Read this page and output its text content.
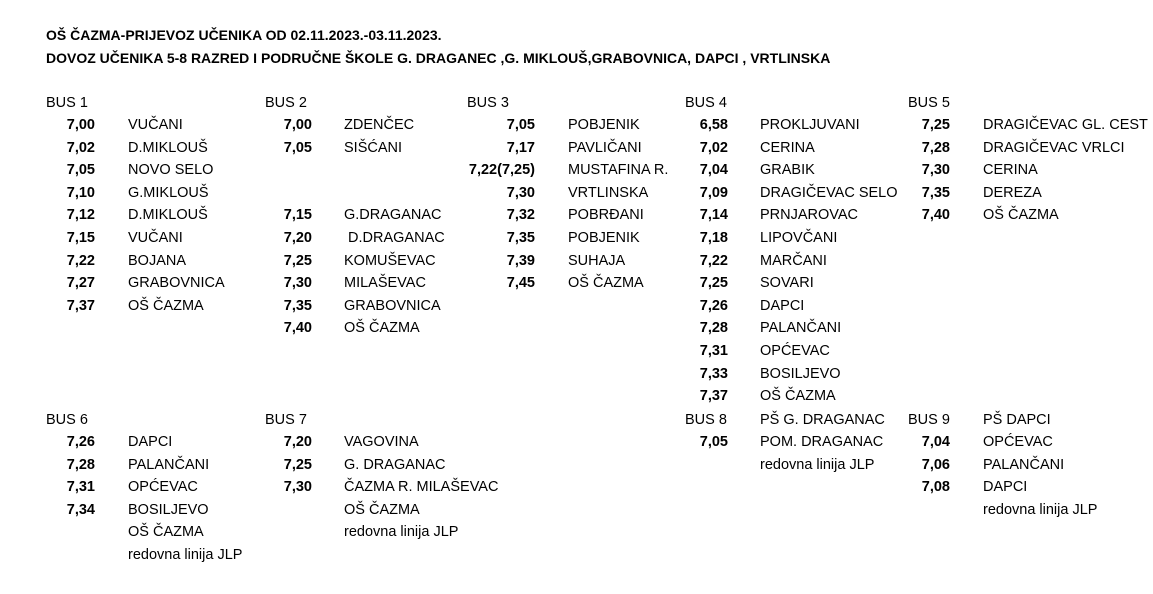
OŠ ČAZMA-PRIJEVOZ UČENIKA OD 02.11.2023.-03.11.2023.
DOVOZ UČENIKA 5-8 RAZRED I PODRUČNE ŠKOLE G. DRAGANEC ,G. MIKLOUŠ,GRABOVNICA, DAPCI , VRTLINSKA
BUS 1
7,00 VUČANI
7,02 D.MIKLOUŠ
7,05 NOVO SELO
7,10 G.MIKLOUŠ
7,12 D.MIKLOUŠ
7,15 VUČANI
7,22 BOJANA
7,27 GRABOVNICA
7,37 OŠ ČAZMA
BUS 2
7,00 ZDENČEC
7,05 SIŠĆANI
7,15 G.DRAGANAC
7,20 D.DRAGANAC
7,25 KOMUŠEVAC
7,30 MILAŠEVAC
7,35 GRABOVNICA
7,40 OŠ ČAZMA
BUS 3
7,05 POBJENIK
7,17 PAVLIČANI
7,22(7,25) MUSTAFINA R.
7,30 VRTLINSKA
7,32 POBRĐANI
7,35 POBJENIK
7,39 SUHAJA
7,45 OŠ ČAZMA
BUS 4
6,58 PROKLJUVANI
7,02 CERINA
7,04 GRABIK
7,09 DRAGIČEVAC SELO
7,14 PRNJAROVAC
7,18 LIPOVČANI
7,22 MARČANI
7,25 SOVARI
7,26 DAPCI
7,28 PALANČANI
7,31 OPĆEVAC
7,33 BOSILJEVO
7,37 OŠ ČAZMA
BUS 5
7,25 DRAGIČEVAC GL. CEST
7,28 DRAGIČEVAC VRLCI
7,30 CERINA
7,35 DEREZA
7,40 OŠ ČAZMA
BUS 6
7,26 DAPCI
7,28 PALANČANI
7,31 OPĆEVAC
7,34 BOSILJEVO
OŠ ČAZMA
redovna linija JLP
BUS 7
7,20 VAGOVINA
7,25 G. DRAGANAC
7,30 ČAZMA R. MILAŠEVAC
OŠ ČAZMA
redovna linija JLP
BUS 8 PŠ G. DRAGANAC
7,05 POM. DRAGANAC
redovna linija JLP
BUS 9 PŠ DAPCI
7,04 OPĆEVAC
7,06 PALANČANI
7,08 DAPCI
redovna linija JLP
